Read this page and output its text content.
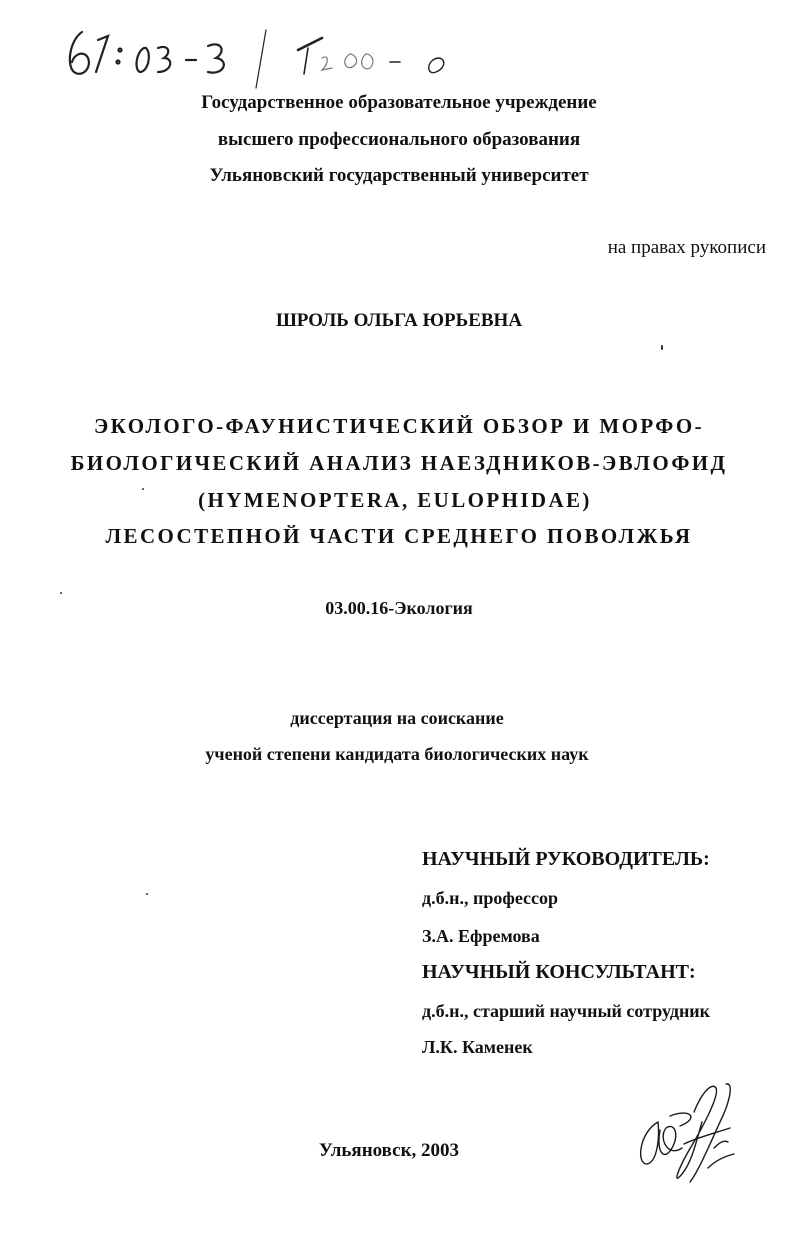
Государственное образовательное учреждение
высшего профессионального образования
Ульяновский государственный университет
на правах рукописи
ШРОЛЬ ОЛЬГА ЮРЬЕВНА
ЭКОЛОГО-ФАУНИСТИЧЕСКИЙ ОБЗОР И МОРФО-
БИОЛОГИЧЕСКИЙ АНАЛИЗ НАЕЗДНИКОВ-ЭВЛОФИД
(HYMENOPTERA, EULOPHIDAE)
ЛЕСОСТЕПНОЙ ЧАСТИ СРЕДНЕГО ПОВОЛЖЬЯ
03.00.16-Экология
диссертация на соискание
ученой степени кандидата биологических наук
НАУЧНЫЙ РУКОВОДИТЕЛЬ:
д.б.н., профессор
З.А. Ефремова
НАУЧНЫЙ КОНСУЛЬТАНТ:
д.б.н., старший научный сотрудник
Л.К. Каменек
Ульяновск, 2003
